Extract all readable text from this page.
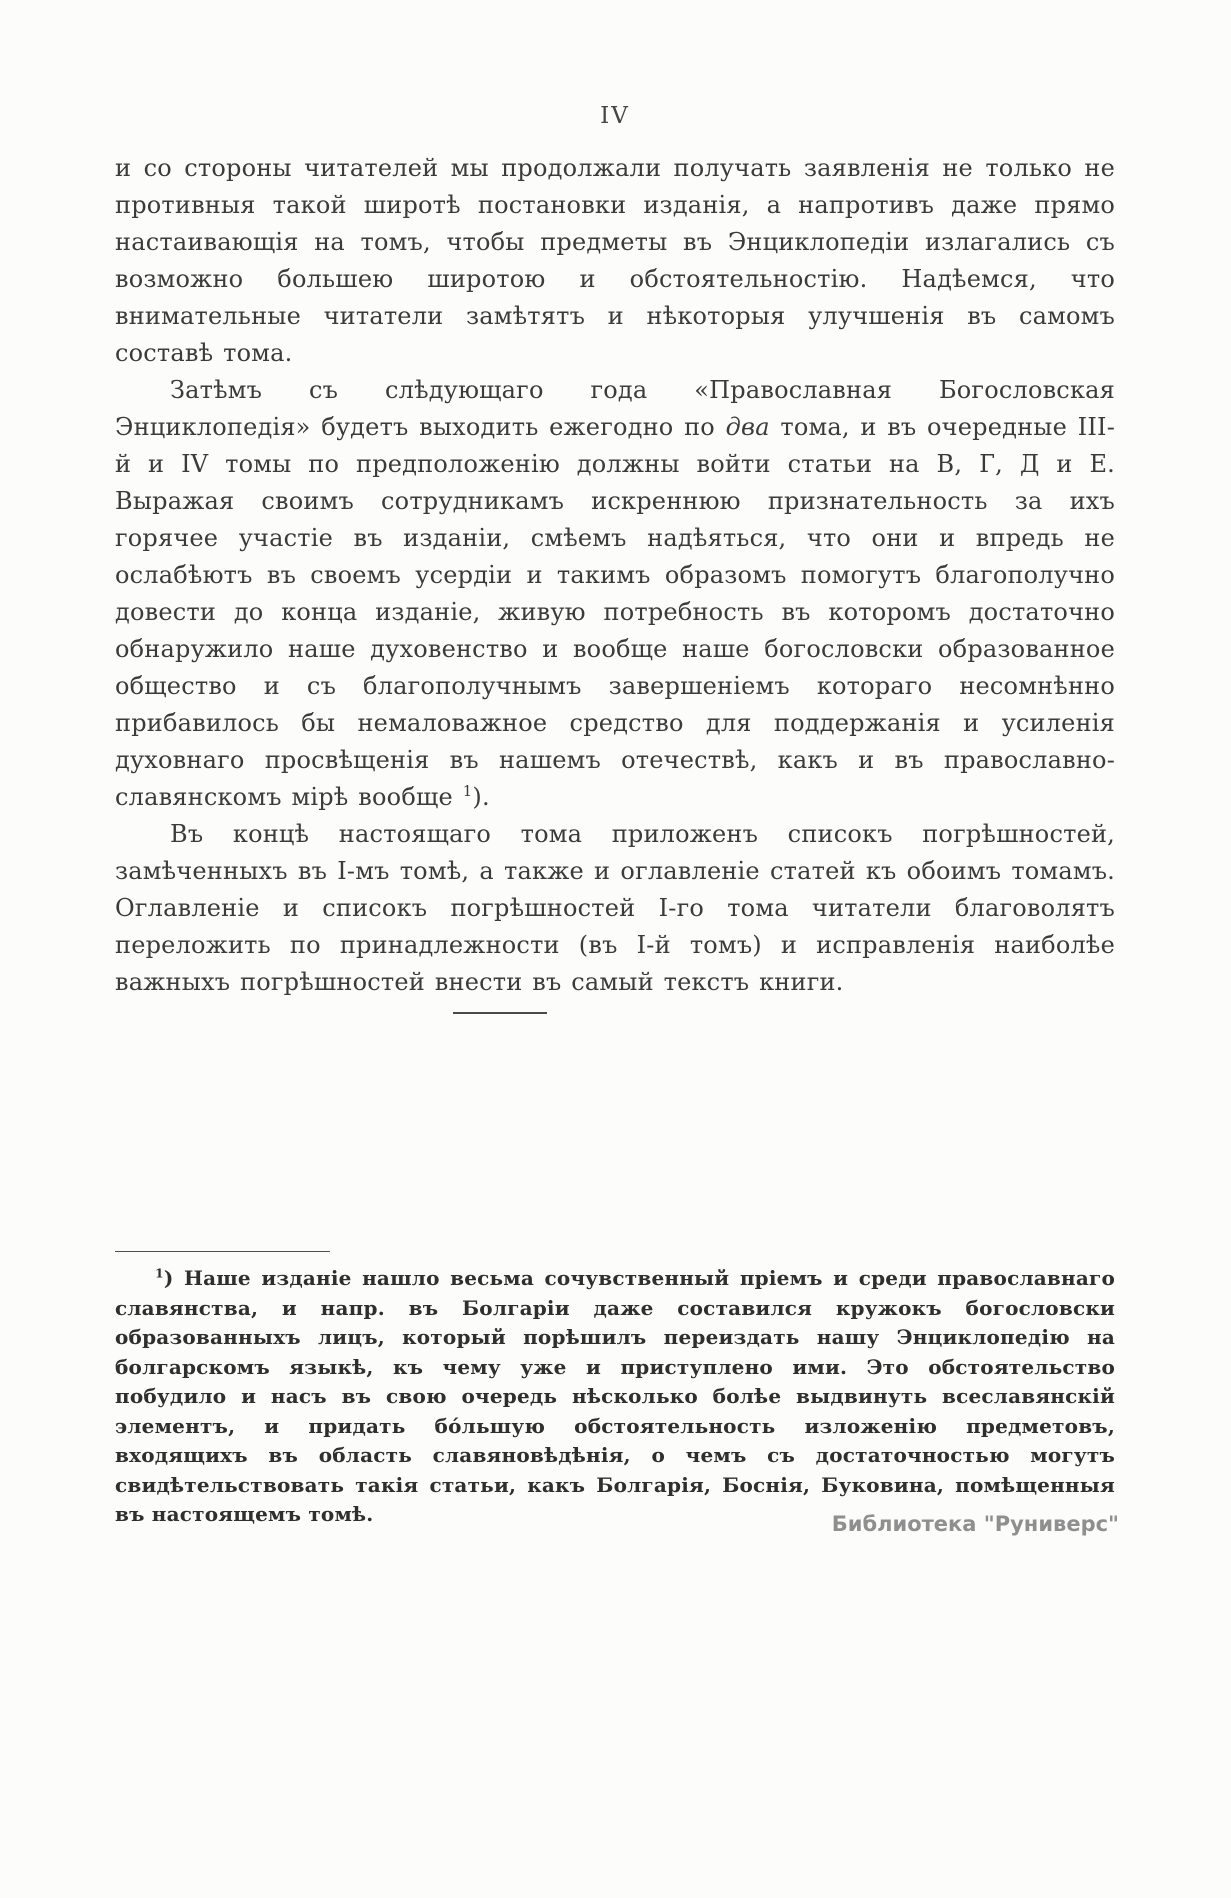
IV

и со стороны читателей мы продолжали получать заявленія не только не противныя такой широтѣ постановки изданія, а напротивъ даже прямо настаивающія на томъ, чтобы предметы въ Энциклопедіи излагались съ возможно большею широтою и обстоятельностію. Надѣемся, что внимательные читатели замѣтятъ и нѣкоторыя улучшенія въ самомъ составѣ тома.

Затѣмъ съ слѣдующаго года «Православная Богословская Энциклопедія» будетъ выходить ежегодно по два тома, и въ очередные III-й и IV томы по предположенію должны войти статьи на В, Г, Д и Е. Выражая своимъ сотрудникамъ искреннюю признательность за ихъ горячее участіе въ изданіи, смѣемъ надѣяться, что они и впредь не ослабѣютъ въ своемъ усердіи и такимъ образомъ помогутъ благополучно довести до конца изданіе, живую потребность въ которомъ достаточно обнаружило наше духовенство и вообще наше богословски образованное общество и съ благополучнымъ завершеніемъ котораго несомнѣнно прибавилось бы немаловажное средство для поддержанія и усиленія духовнаго просвѣщенія въ нашемъ отечествѣ, какъ и въ православно-славянскомъ мірѣ вообще $^1$).

Въ концѣ настоящаго тома приложенъ списокъ погрѣшностей, замѣченныхъ въ I-мъ томѣ, а также и оглавленіе статей къ обоимъ томамъ. Оглавленіе и списокъ погрѣшностей I-го тома читатели благоволятъ переложить по принадлежности (въ I-й томъ) и исправленія наиболѣе важныхъ погрѣшностей внести въ самый текстъ книги.

$^1$) Наше изданіе нашло весьма сочувственный пріемъ и среди православнаго славянства, и напр. въ Болгаріи даже составился кружокъ богословски образованныхъ лицъ, который порѣшилъ переиздать нашу Энциклопедію на болгарскомъ языкѣ, къ чему уже и приступлено ими. Это обстоятельство побудило и насъ въ свою очередь нѣсколько болѣе выдвинуть всеславянскій элементъ, и придать бо́льшую обстоятельность изложенію предметовъ, входящихъ въ область славяновѣдѣнія, о чемъ съ достаточностью могутъ свидѣтельствовать такія статьи, какъ Болгарія, Боснія, Буковина, помѣщенныя въ настоящемъ томѣ.	Библиотека "Руниверс"
